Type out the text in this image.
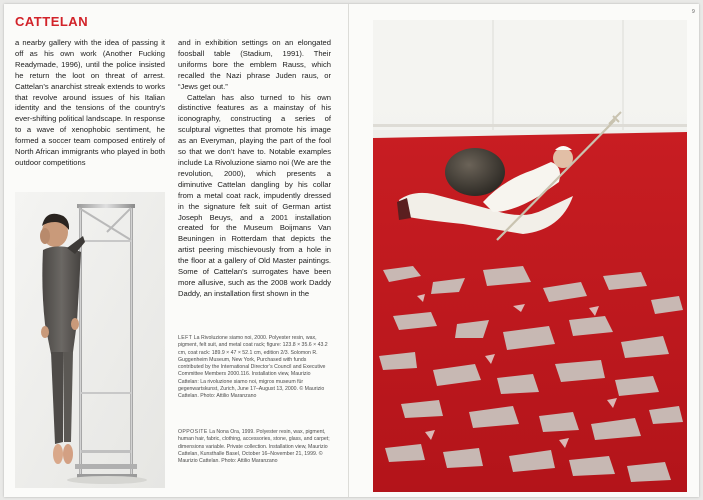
CATTELAN
9

a nearby gallery with the idea of passing it off as his own work (Another Fucking Readymade, 1996), until the police insisted he return the loot on threat of arrest. Cattelan’s anarchist streak extends to works that revolve around issues of his Italian identity and the tensions of the country’s ever-shifting political landscape. In response to a wave of xenophobic sentiment, he formed a soccer team composed entirely of North African immigrants who played in both outdoor competitions

and in exhibition settings on an elongated foosball table (Stadium, 1991). Their uniforms bore the emblem Rauss, which recalled the Nazi phrase Juden raus, or “Jews get out.”

Cattelan has also turned to his own distinctive features as a mainstay of his iconography, constructing a series of sculptural vignettes that promote his image as an Everyman, playing the part of the fool so that we don’t have to. Notable examples include La Rivoluzione siamo noi (We are the revolution, 2000), which presents a diminutive Cattelan dangling by his collar from a metal coat rack, impudently dressed in the signature felt suit of German artist Joseph Beuys, and a 2001 installation created for the Museum Boijmans Van Beuningen in Rotterdam that depicts the artist peering mischievously from a hole in the floor at a gallery of Old Master paintings. Some of Cattelan’s surrogates have been more allusive, such as the 2008 work Daddy Daddy, an installation first shown in the

LEFT La Rivoluzione siamo noi, 2000. Polyester resin, wax, pigment, felt suit, and metal coat rack; figure: 123.8 × 35.6 × 43.2 cm, coat rack: 189.9 × 47 × 52.1 cm, edition 2/3. Solomon R. Guggenheim Museum, New York, Purchased with funds contributed by the International Director’s Council and Executive Committee Members 2000.116. Installation view, Maurizio Cattelan: La rivoluzione siamo noi, migros museum für gegenwartskunst, Zurich, June 17–August 13, 2000. © Maurizio Cattelan. Photo: Attilio Maranzano
OPPOSITE La Nona Ora, 1999. Polyester resin, wax, pigment, human hair, fabric, clothing, accessories, stone, glass, and carpet; dimensions variable. Private collection. Installation view, Maurizio Cattelan, Kunsthalle Basel, October 16–November 21, 1999. © Maurizio Cattelan. Photo: Attilio Maranzano
